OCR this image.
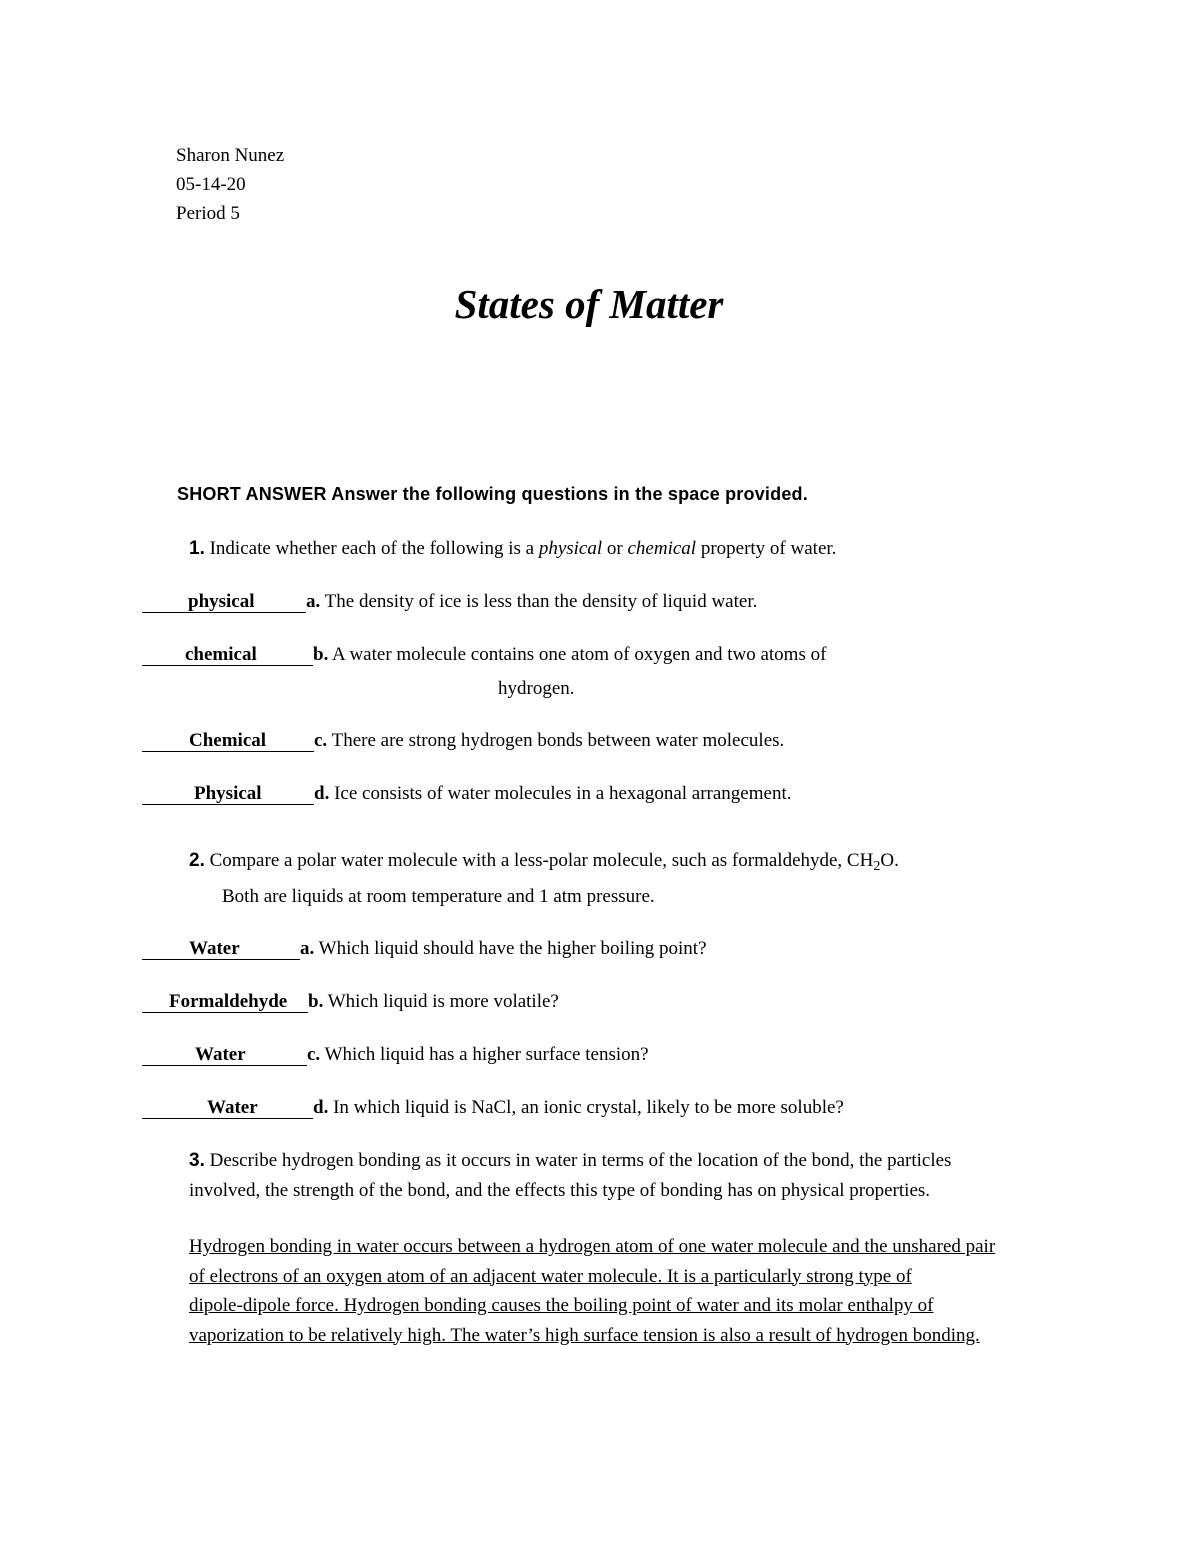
Sharon Nunez
05-14-20
Period 5
States of Matter
SHORT ANSWER Answer the following questions in the space provided.
1. Indicate whether each of the following is a physical or chemical property of water.
physical	a. The density of ice is less than the density of liquid water.
chemical	b. A water molecule contains one atom of oxygen and two atoms of
hydrogen.
Chemical	c. There are strong hydrogen bonds between water molecules.
Physical	d. Ice consists of water molecules in a hexagonal arrangement.
2. Compare a polar water molecule with a less-polar molecule, such as formaldehyde, $CH_2O$.
Both are liquids at room temperature and 1 atm pressure.
Water	a. Which liquid should have the higher boiling point?
Formaldehyde b. Which liquid is more volatile?
Water	c. Which liquid has a higher surface tension?
Water	d. In which liquid is NaCl, an ionic crystal, likely to be more soluble?
3. Describe hydrogen bonding as it occurs in water in terms of the location of the bond, the particles
involved, the strength of the bond, and the effects this type of bonding has on physical properties.

Hydrogen bonding in water occurs between a hydrogen atom of one water molecule and the unshared pair

of electrons of an oxygen atom of an adjacent water molecule. It is a particularly strong type of

dipole-dipole force. Hydrogen bonding causes the boiling point of water and its molar enthalpy of

vaporization to be relatively high. The water’s high surface tension is also a result of hydrogen bonding.
